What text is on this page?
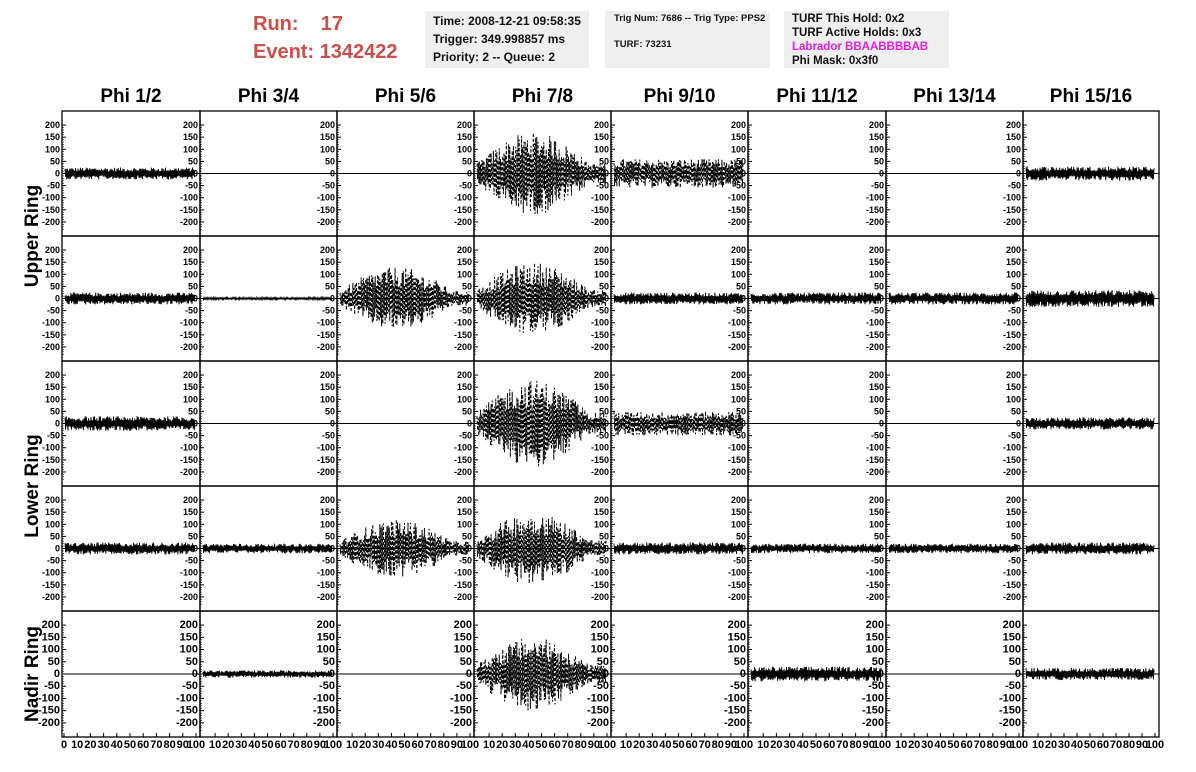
Run: 17
Event: 1342422
Time: 2008-12-21 09:58:35
Trigger: 349.998857 ms
Priority: 2 -- Queue: 2
Trig Num: 7686 -- Trig Type: PPS2
TURF: 73231
TURF This Hold: 0x2
TURF Active Holds: 0x3
Labrador BBAABBBBAB
Phi Mask: 0x3f0
Phi 1/2	Phi 3/4	Phi 5/6	Phi 7/8	Phi 9/10	Phi 11/12	Phi 13/14	Phi 15/16
Upper Ring
Lower Ring
Nadir Ring
200
150
100
50
0
-50
-100
-150
-200
200
150
100
50
0
-50
-100
-150
-200
200
150
100
50
0
-50
-100
-150
-200
200
150
100
50
0
-50
-100
-150
-200
200
150
100
50
0
-50
-100
-150
-200
200
150
100
50
0
-50
-100
-150
-200
200
150
100
50
0
-50
-100
-150
-200
200
150
100
50
0
-50
-100
-150
-200
200
150
100
50
0
-50
-100
-150
-200
200
150
100
50
0
-50
-100
-150
-200
200
150
100
50
0
-50
-100
-150
-200
200
150
100
50
0
-50
-100
-150
-200
200
150
100
50
0
-50
-100
-150
-200
200
150
100
50
0
-50
-100
-150
-200
200
150
100
50
0
-50
-100
-150
-200
200
150
100
50
0
-50
-100
-150
-200
200
150
100
50
0
-50
-100
-150
-200
200
150
100
50
0
-50
-100
-150
-200
200
150
100
50
0
-50
-100
-150
-200
200
150
100
50
0
-50
-100
-150
-200
200
150
100
50
0
-50
-100
-150
-200
200
150
100
50
0
-50
-100
-150
-200
200
150
100
50
0
-50
-100
-150
-200
200
150
100
50
0
-50
-100
-150
-200
200
150
100
50
0
-50
-100
-150
-200
200
150
100
50
0
-50
-100
-150
-200
200
150
100
50
0
-50
-100
-150
-200
200
150
100
50
0
-50
-100
-150
-200
200
150
100
50
0
-50
-100
-150
-200
200
150
100
50
0
-50
-100
-150
-200
200
150
100
50
0
-50
-100
-150
-200
200
150
100
50
0
-50
-100
-150
-200
200
150
100
50
0
-50
-100
-150
-200
0 10 20 30 40 50 60 70 80 90
100
200
150
100
50
0
-50
-100
-150
-200
10 20 30 40 50 60 70 80 90
100
200
150
100
50
0
-50
-100
-150
-200
10 20 30 40 50 60 70 80 90
100
200
150
100
50
0
-50
-100
-150
-200
10 20 30 40 50 60 70 80 90
100
200
150
100
50
0
-50
-100
-150
-200
10 20 30 40 50 60 70 80 90
100
200
150
100
50
0
-50
-100
-150
-200
10 20 30 40 50 60 70 80 90
100
200
150
100
50
0
-50
-100
-150
-200
10 20 30 40 50 60 70 80 90
100
200
150
100
50
0
-50
-100
-150
-200
10 20 30 40 50 60 70 80 90
100
